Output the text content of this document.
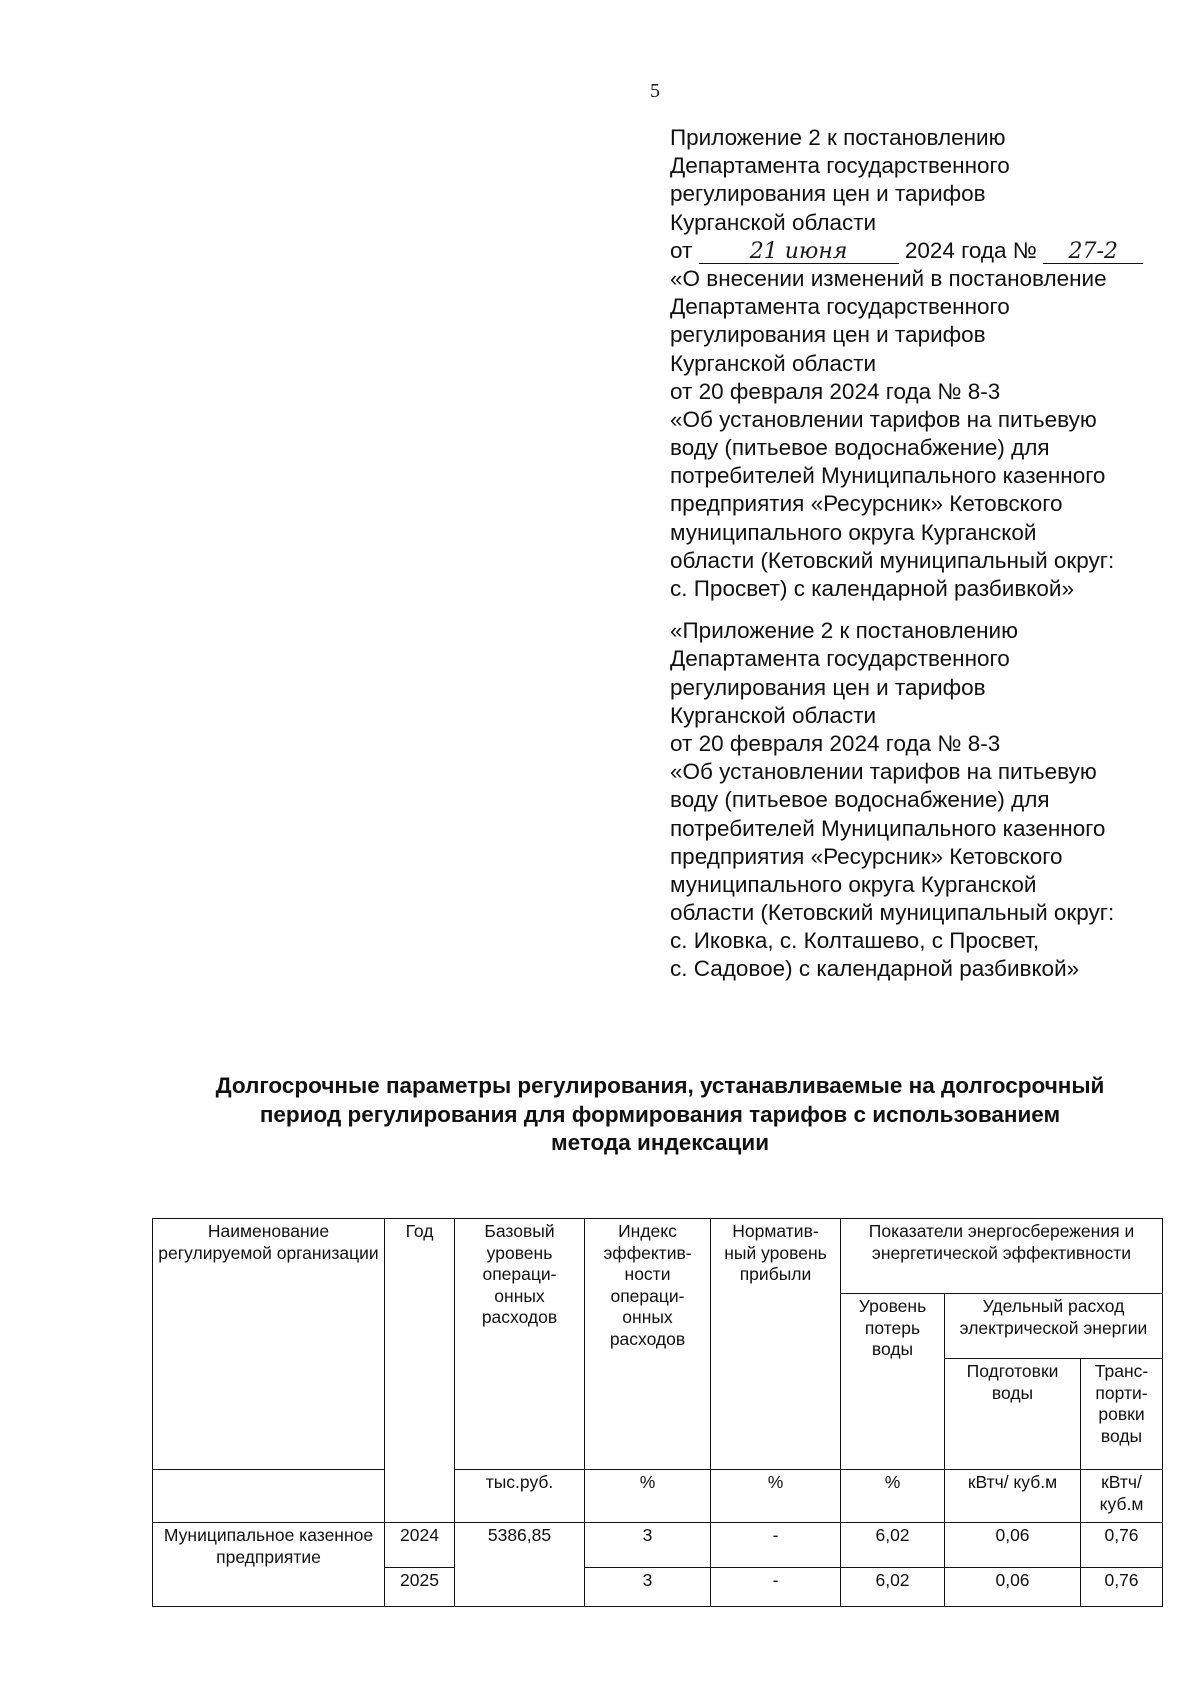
5
Приложение 2 к постановлению
Департамента государственного
регулирования цен и тарифов
Курганской области
от	21 июня	2024 года № 27-2
«О внесении изменений в постановление
Департамента государственного
регулирования цен и тарифов
Курганской области
от 20 февраля 2024 года № 8-3
«Об установлении тарифов на питьевую
воду (питьевое водоснабжение) для
потребителей Муниципального казенного
предприятия «Ресурсник» Кетовского
муниципального округа Курганской
области (Кетовский муниципальный округ:
с. Просвет) с календарной разбивкой»
«Приложение 2 к постановлению
Департамента государственного
регулирования цен и тарифов
Курганской области
от 20 февраля 2024 года № 8-3
«Об установлении тарифов на питьевую
воду (питьевое водоснабжение) для
потребителей Муниципального казенного
предприятия «Ресурсник» Кетовского
муниципального округа Курганской
области (Кетовский муниципальный округ:
с. Иковка, с. Колташево, с Просвет,
с. Садовое) с календарной разбивкой»
Долгосрочные параметры регулирования, устанавливаемые на долгосрочный
период регулирования для формирования тарифов с использованием
метода индексации
Наименование регулируемой организации	Год	Базовый уровень операци- онных расходов	Индекс эффектив- ности операци- онных расходов	Норматив- ный уровень прибыли	Показатели энергосбережения и энергетической эффективности		
					Уровень потерь воды	Удельный расход электрической энергии	
						Подготовки воды	Транс- порти- ровки воды
		тыс.руб.	%	%	%	кВтч/ куб.м	кВтч/ куб.м
Муниципальное казенное предприятие	2024	5386,85	3	-	6,02	0,06	0,76
	2025		3	-	6,02	0,06	0,76
